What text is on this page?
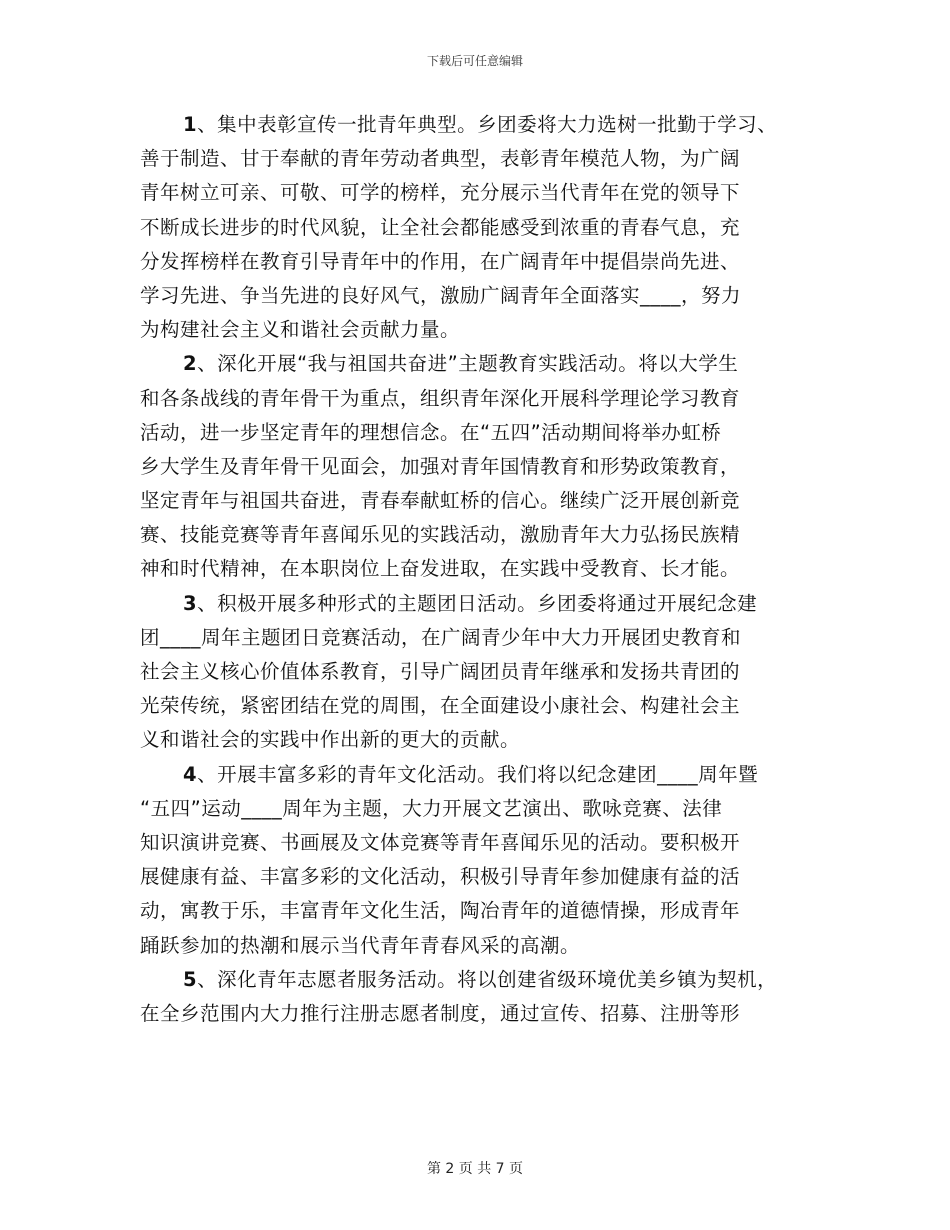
下载后可任意编辑
1、集中表彰宣传一批青年典型。乡团委将大力选树一批勤于学习、
善于制造、甘于奉献的青年劳动者典型，表彰青年模范人物，为广阔
青年树立可亲、可敬、可学的榜样，充分展示当代青年在党的领导下
不断成长进步的时代风貌，让全社会都能感受到浓重的青春气息，充
分发挥榜样在教育引导青年中的作用，在广阔青年中提倡崇尚先进、
学习先进、争当先进的良好风气，激励广阔青年全面落实____，努力
为构建社会主义和谐社会贡献力量。
2、深化开展“我与祖国共奋进”主题教育实践活动。将以大学生
和各条战线的青年骨干为重点，组织青年深化开展科学理论学习教育
活动，进一步坚定青年的理想信念。在“五四”活动期间将举办虹桥
乡大学生及青年骨干见面会，加强对青年国情教育和形势政策教育，
坚定青年与祖国共奋进，青春奉献虹桥的信心。继续广泛开展创新竞
赛、技能竞赛等青年喜闻乐见的实践活动，激励青年大力弘扬民族精
神和时代精神，在本职岗位上奋发进取，在实践中受教育、长才能。
3、积极开展多种形式的主题团日活动。乡团委将通过开展纪念建
团____周年主题团日竞赛活动，在广阔青少年中大力开展团史教育和
社会主义核心价值体系教育，引导广阔团员青年继承和发扬共青团的
光荣传统，紧密团结在党的周围，在全面建设小康社会、构建社会主
义和谐社会的实践中作出新的更大的贡献。
4、开展丰富多彩的青年文化活动。我们将以纪念建团____周年暨
“五四”运动____周年为主题，大力开展文艺演出、歌咏竞赛、法律
知识演讲竞赛、书画展及文体竞赛等青年喜闻乐见的活动。要积极开
展健康有益、丰富多彩的文化活动，积极引导青年参加健康有益的活
动，寓教于乐，丰富青年文化生活，陶冶青年的道德情操，形成青年
踊跃参加的热潮和展示当代青年青春风采的高潮。
5、深化青年志愿者服务活动。将以创建省级环境优美乡镇为契机，
在全乡范围内大力推行注册志愿者制度，通过宣传、招募、注册等形
第 2 页 共 7 页
